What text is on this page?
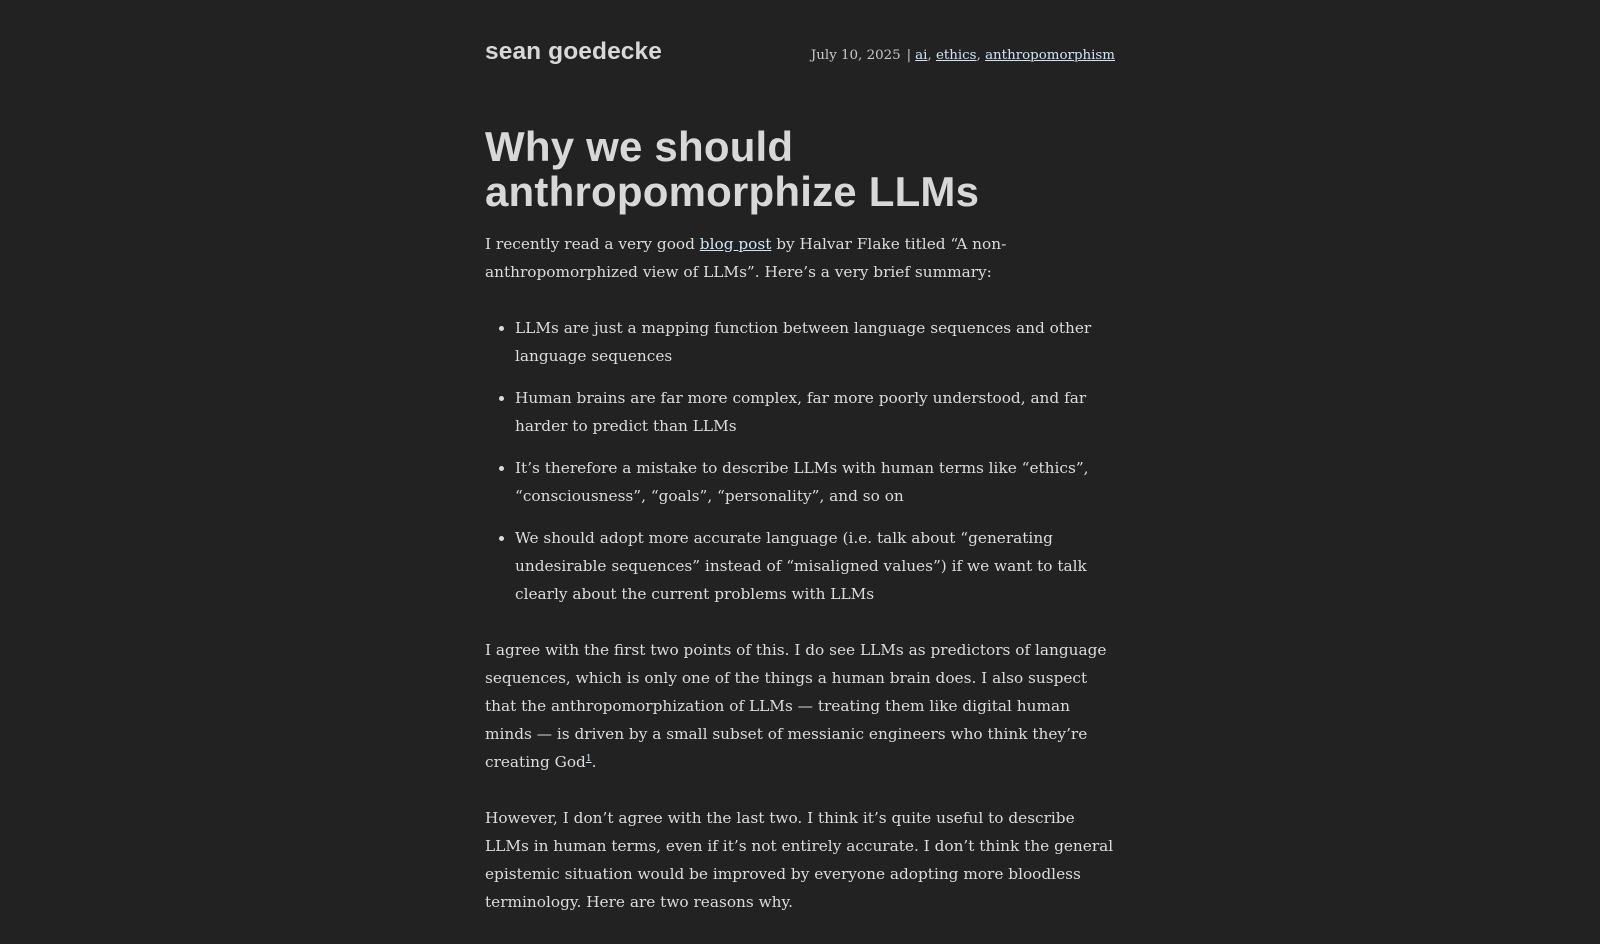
sean goedecke	July 10, 2025 | ai, ethics, anthropomorphism
Why we should anthropomorphize LLMs

I recently read a very good blog post by Halvar Flake titled “A non-anthropomorphized view of LLMs”. Here’s a very brief summary:

• LLMs are just a mapping function between language sequences and other language sequences
• Human brains are far more complex, far more poorly understood, and far harder to predict than LLMs
• It’s therefore a mistake to describe LLMs with human terms like “ethics”, “consciousness”, “goals”, “personality”, and so on
• We should adopt more accurate language (i.e. talk about “generating undesirable sequences” instead of “misaligned values”) if we want to talk clearly about the current problems with LLMs

I agree with the first two points of this. I do see LLMs as predictors of language sequences, which is only one of the things a human brain does. I also suspect that the anthropomorphization of LLMs — treating them like digital human minds — is driven by a small subset of messianic engineers who think they’re creating God$^1$.

However, I don’t agree with the last two. I think it’s quite useful to describe LLMs in human terms, even if it’s not entirely accurate. I don’t think the general epistemic situation would be improved by everyone adopting more bloodless terminology. Here are two reasons why.
